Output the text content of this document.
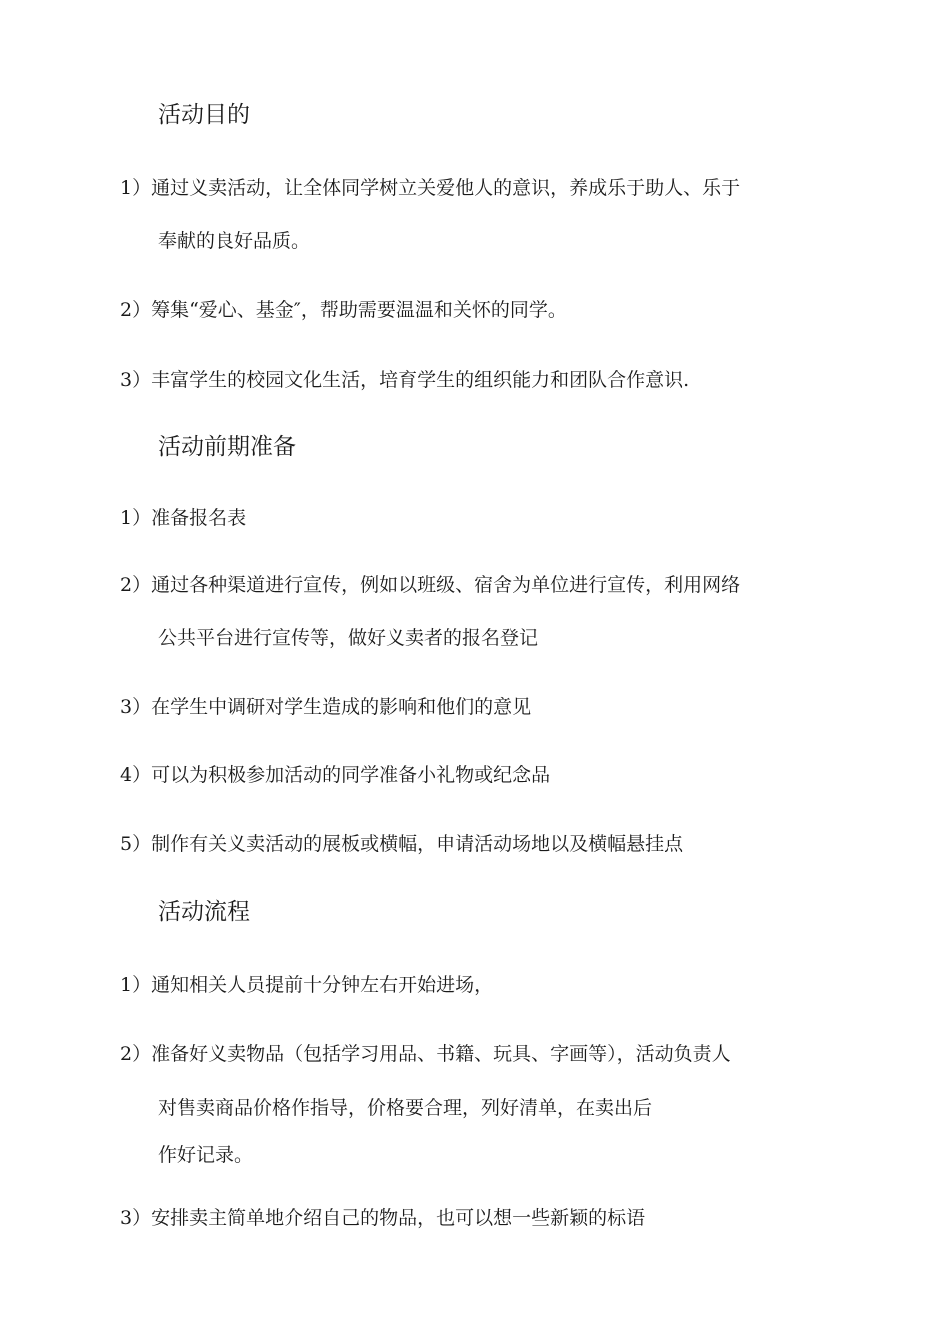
活动目的
1）通过义卖活动，让全体同学树立关爱他人的意识，养成乐于助人、乐于
奉献的良好品质。
2）筹集“爱心、基金″，帮助需要温温和关怀的同学。
3）丰富学生的校园文化生活，培育学生的组织能力和团队合作意识.
活动前期准备
1）准备报名表
2）通过各种渠道进行宣传，例如以班级、宿舍为单位进行宣传，利用网络
公共平台进行宣传等，做好义卖者的报名登记
3）在学生中调研对学生造成的影响和他们的意见
4）可以为积极参加活动的同学准备小礼物或纪念品
5）制作有关义卖活动的展板或横幅，申请活动场地以及横幅悬挂点
活动流程
1）通知相关人员提前十分钟左右开始进场，
2）准备好义卖物品（包括学习用品、书籍、玩具、字画等），活动负责人
对售卖商品价格作指导，价格要合理，列好清单，在卖出后
作好记录。
3）安排卖主简单地介绍自己的物品，也可以想一些新颖的标语
